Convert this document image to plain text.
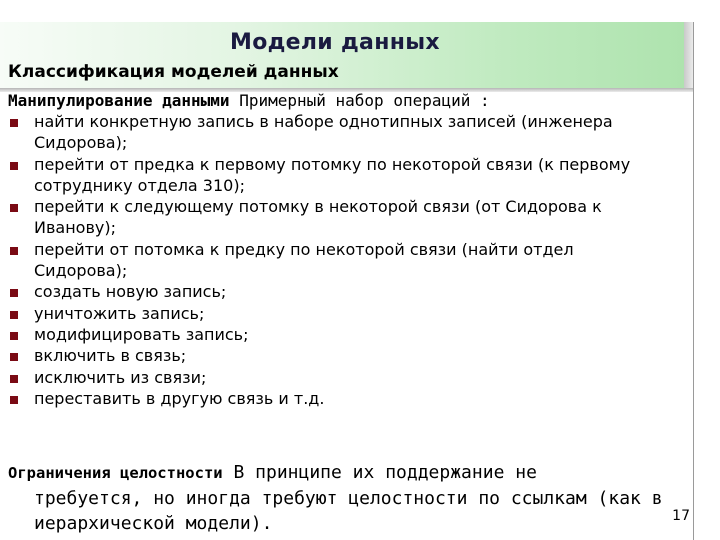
Модели данных
Классификация моделей данных

Манипулирование данными Примерный набор операций :

найти конкретную запись в наборе однотипных записей (инженера
Сидорова);
перейти от предка к первому потомку по некоторой связи (к первому
сотруднику отдела 310);
перейти к следующему потомку в некоторой связи (от Сидорова к
Иванову);
перейти от потомка к предку по некоторой связи (найти отдел
Сидорова);
создать новую запись;
уничтожить запись;
модифицировать запись;
включить в связь;
исключить из связи;
переставить в другую связь и т.д.

Ограничения целостности В принципе их поддержание не
требуется, но иногда требуют целостности по ссылкам (как в
иерархической модели).	17
